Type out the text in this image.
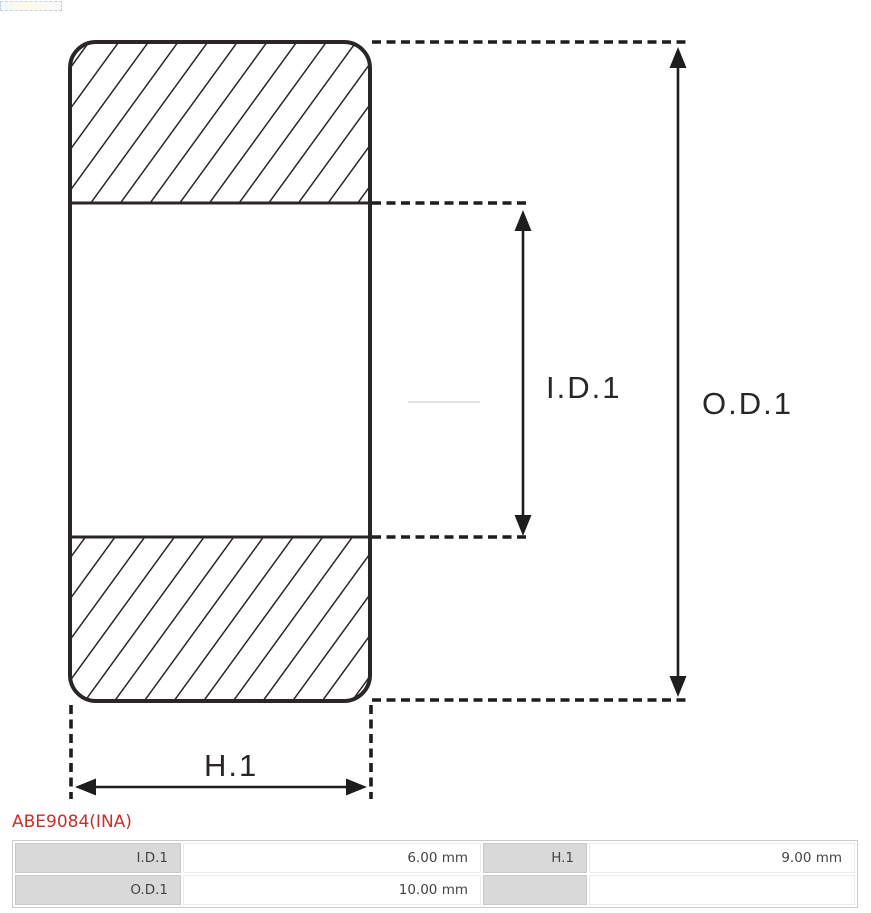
I.D.1	O.D.1
H.1
ABE9084(INA)
I.D.1	6.00 mm	H.1	9.00 mm
O.D.1	10.00 mm		
